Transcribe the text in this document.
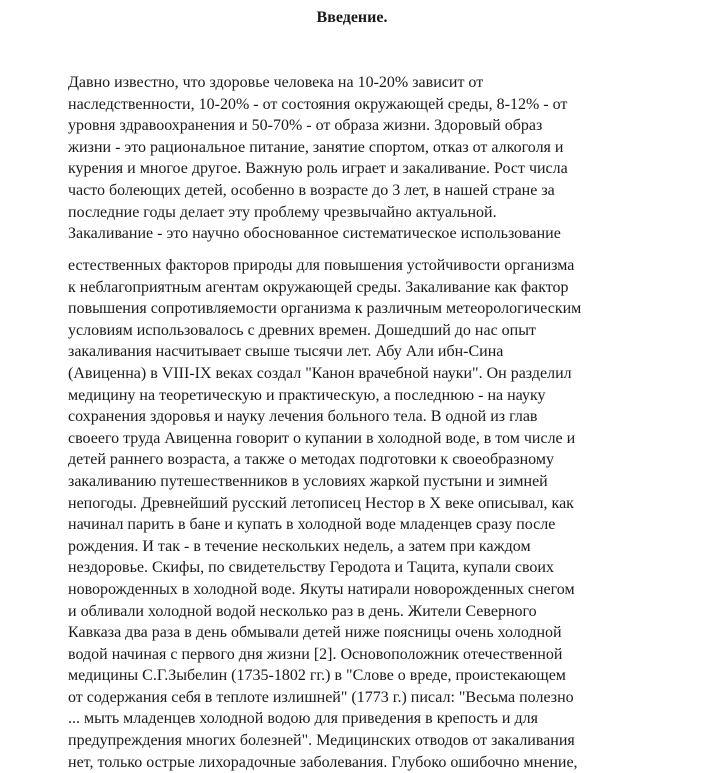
Введение.
Давно известно, что здоровье человека на 10-20% зависит от
наследственности, 10-20% - от состояния окружающей среды, 8-12% - от
уровня здравоохранения и 50-70% - от образа жизни. Здоровый образ
жизни - это рациональное питание, занятие спортом, отказ от алкоголя и
курения и многое другое. Важную роль играет и закаливание. Рост числа
часто болеющих детей, особенно в возрасте до 3 лет, в нашей стране за
последние годы делает эту проблему чрезвычайно актуальной.
Закаливание - это научно обоснованное систематическое использование
естественных факторов природы для повышения устойчивости организма
к неблагоприятным агентам окружающей среды. Закаливание как фактор
повышения сопротивляемости организма к различным метеорологическим
условиям использовалось с древних времен. Дошедший до нас опыт
закаливания насчитывает свыше тысячи лет. Абу Али ибн-Сина
(Авиценна) в VIII-IX веках создал "Канон врачебной науки". Он разделил
медицину на теоретическую и практическую, а последнюю - на науку
сохранения здоровья и науку лечения больного тела. В одной из глав
своеего труда Авиценна говорит о купании в холодной воде, в том числе и
детей раннего возраста, а также о методах подготовки к своеобразному
закаливанию путешественников в условиях жаркой пустыни и зимней
непогоды. Древнейший русский летописец Нестор в Х веке описывал, как
начинал парить в бане и купать в холодной воде младенцев сразу после
рождения. И так - в течение нескольких недель, а затем при каждом
нездоровье. Скифы, по свидетельству Геродота и Тацита, купали своих
новорожденных в холодной воде. Якуты натирали новорожденных снегом
и обливали холодной водой несколько раз в день. Жители Северного
Кавказа два раза в день обмывали детей ниже поясницы очень холодной
водой начиная с первого дня жизни [2]. Основоположник отечественной
медицины С.Г.Зыбелин (1735-1802 гг.) в "Слове о вреде, проистекающем
от содержания себя в теплоте излишней" (1773 г.) писал: "Весьма полезно
... мыть младенцев холодной водою для приведения в крепость и для
предупреждения многих болезней". Медицинских отводов от закаливания
нет, только острые лихорадочные заболевания. Глубоко ошибочно мнение,
